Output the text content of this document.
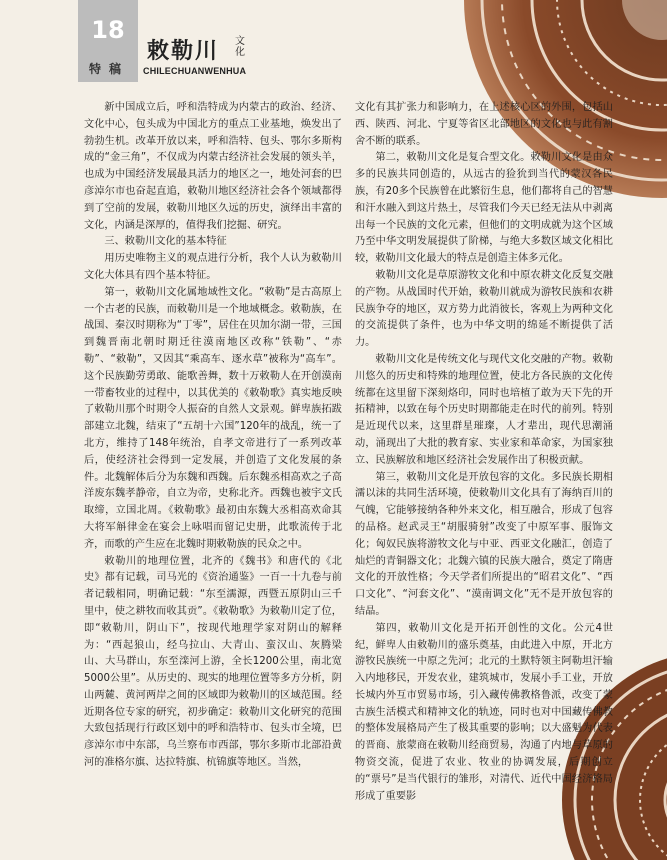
18
特稿
敕勒川 文化
CHILECHUANWENHUA

新中国成立后，呼和浩特成为内蒙古的政治、经济、文化中心，包头成为中国北方的重点工业基地，焕发出了勃勃生机。改革开放以来，呼和浩特、包头、鄂尔多斯构成的“金三角”，不仅成为内蒙古经济社会发展的领头羊，也成为中国经济发展最具活力的地区之一，地处河套的巴彦淖尔市也奋起直追，敕勒川地区经济社会各个领域都得到了空前的发展，敕勒川地区久远的历史，演绎出丰富的文化，内涵是深厚的，值得我们挖掘、研究。

三、敕勒川文化的基本特征

用历史唯物主义的观点进行分析，我个人认为敕勒川文化大体具有四个基本特征。

第一，敕勒川文化属地域性文化。“敕勒”是古高原上一个古老的民族，而敕勒川是一个地域概念。敕勒族，在战国、秦汉时期称为“丁零”，居住在贝加尔湖一带，三国到魏晋南北朝时期迁往漠南地区改称“铁勒”、“赤勒”、“敕勒”，又因其“乘高车、逐水草”被称为“高车”。这个民族勤劳勇敢、能歌善舞，数十万敕勒人在开创漠南一带畜牧业的过程中，以其优美的《敕勒歌》真实地反映了敕勒川那个时期令人振奋的自然人文景观。鲜卑族拓跋部建立北魏，结束了“五胡十六国”120年的战乱，统一了北方，维持了148年统治，自孝文帝进行了一系列改革后，使经济社会得到一定发展，并创造了文化发展的条件。北魏解体后分为东魏和西魏。后东魏丞相高欢之子高洋废东魏孝静帝，自立为帝，史称北齐。西魏也被宇文氏取缔，立国北周。《敕勒歌》最初由东魏大丞相高欢命其大将军斛律金在宴会上咏唱而留记史册，此歌流传于北齐，而歌的产生应在北魏时期敕勒族的民众之中。

敕勒川的地理位置，北齐的《魏书》和唐代的《北史》都有记载，司马光的《资治通鉴》一百一十九卷与前者记载相同，明确记载：“东至濡源，西暨五原阴山三千里中，使之耕牧而收其贡”。《敕勒歌》为敕勒川定了位，即“敕勒川，阴山下”，按现代地理学家对阴山的解释为：“西起狼山，经乌拉山、大青山、蛮汉山、灰腾梁山、大马群山，东至滦河上游，全长1200公里，南北宽5000公里”。从历史的、现实的地理位置等多方分析，阴山两麓、黄河两岸之间的区域即为敕勒川的区域范围。经近期各位专家的研究，初步确定：敕勒川文化研究的范围大致包括现行行政区划中的呼和浩特市、包头市全境，巴彦淖尔市中东部，乌兰察布市西部，鄂尔多斯市北部沿黄河的准格尔旗、达拉特旗、杭锦旗等地区。当然，

文化有其扩张力和影响力，在上述核心区的外围，包括山西、陕西、河北、宁夏等省区北部地区的文化也与此有割舍不断的联系。

第二，敕勒川文化是复合型文化。敕勒川文化是由众多的民族共同创造的，从远古的猃狁到当代的蒙汉各民族，有20多个民族曾在此繁衍生息，他们都将自己的智慧和汗水融入到这片热土，尽管我们今天已经无法从中剥离出每一个民族的文化元素，但他们的文明成就为这个区域乃至中华文明发展提供了阶梯，与绝大多数区域文化相比较，敕勒川文化最大的特点是创造主体多元化。

敕勒川文化是草原游牧文化和中原农耕文化反复交融的产物。从战国时代开始，敕勒川就成为游牧民族和农耕民族争夺的地区，双方势力此消彼长，客观上为两种文化的交流提供了条件，也为中华文明的绵延不断提供了活力。

敕勒川文化是传统文化与现代文化交融的产物。敕勒川悠久的历史和特殊的地理位置，使北方各民族的文化传统都在这里留下深刻烙印，同时也培植了敢为天下先的开拓精神，以致在每个历史时期都能走在时代的前列。特别是近现代以来，这里群星璀璨，人才辈出，现代思潮涌动，涌现出了大批的教育家、实业家和革命家，为国家独立、民族解放和地区经济社会发展作出了积极贡献。

第三，敕勒川文化是开放包容的文化。多民族长期相濡以沫的共同生活环境，使敕勒川文化具有了海纳百川的气魄，它能够接纳各种外来文化，相互融合，形成了包容的品格。赵武灵王“胡服骑射”改变了中原军事、服饰文化；匈奴民族将游牧文化与中亚、西亚文化融汇，创造了灿烂的青铜器文化；北魏六镇的民族大融合，奠定了隋唐文化的开放性格；今天学者们所提出的“昭君文化”、“西口文化”、“河套文化”、“漠南调文化”无不是开放包容的结晶。

第四，敕勒川文化是开拓开创性的文化。公元4世纪，鲜卑人由敕勒川的盛乐奠基，由此进入中原，开北方游牧民族统一中原之先河；北元的土默特领主阿勒坦汗输入内地移民，开发农业，建筑城市，发展小手工业，开放长城内外互市贸易市场，引入藏传佛教格鲁派，改变了蒙古族生活模式和精神文化的轨迹，同时也对中国藏传佛教的整体发展格局产生了极其重要的影响；以大盛魁为代表的晋商、旅蒙商在敕勒川经商贸易，沟通了内地与草原的物资交流，促进了农业、牧业的协调发展，后期创立的“票号”是当代银行的雏形，对清代、近代中国经济格局形成了重要影
